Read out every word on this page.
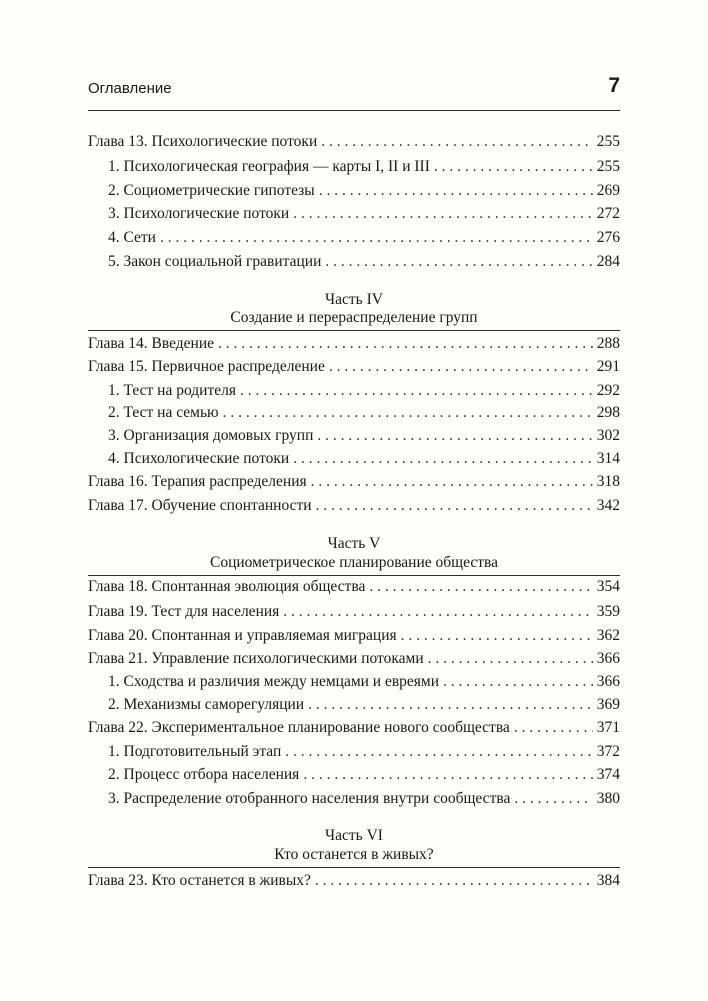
Оглавление	7
Глава 13. Психологические потоки . . .	255
1. Психологическая география — карты I, II и III . . .	255
2. Социометрические гипотезы . . .	269
3. Психологические потоки . . .	272
4. Сети . . .	276
5. Закон социальной гравитации . . .	284
Часть IV
Создание и перераспределение групп
Глава 14. Введение . . .	288
Глава 15. Первичное распределение . . .	291
1. Тест на родителя . . .	292
2. Тест на семью . . .	298
3. Организация домовых групп . . .	302
4. Психологические потоки . . .	314
Глава 16. Терапия распределения . . .	318
Глава 17. Обучение спонтанности . . .	342
Часть V
Социометрическое планирование общества
Глава 18. Спонтанная эволюция общества . . .	354
Глава 19. Тест для населения . . .	359
Глава 20. Спонтанная и управляемая миграция . . .	362
Глава 21. Управление психологическими потоками . . .	366
1. Сходства и различия между немцами и евреями . . .	366
2. Механизмы саморегуляции . . .	369
Глава 22. Экспериментальное планирование нового сообщества . . .	371
1. Подготовительный этап . . .	372
2. Процесс отбора населения . . .	374
3. Распределение отобранного населения внутри сообщества . . .	380
Часть VI
Кто останется в живых?
Глава 23. Кто останется в живых? . . .	384
